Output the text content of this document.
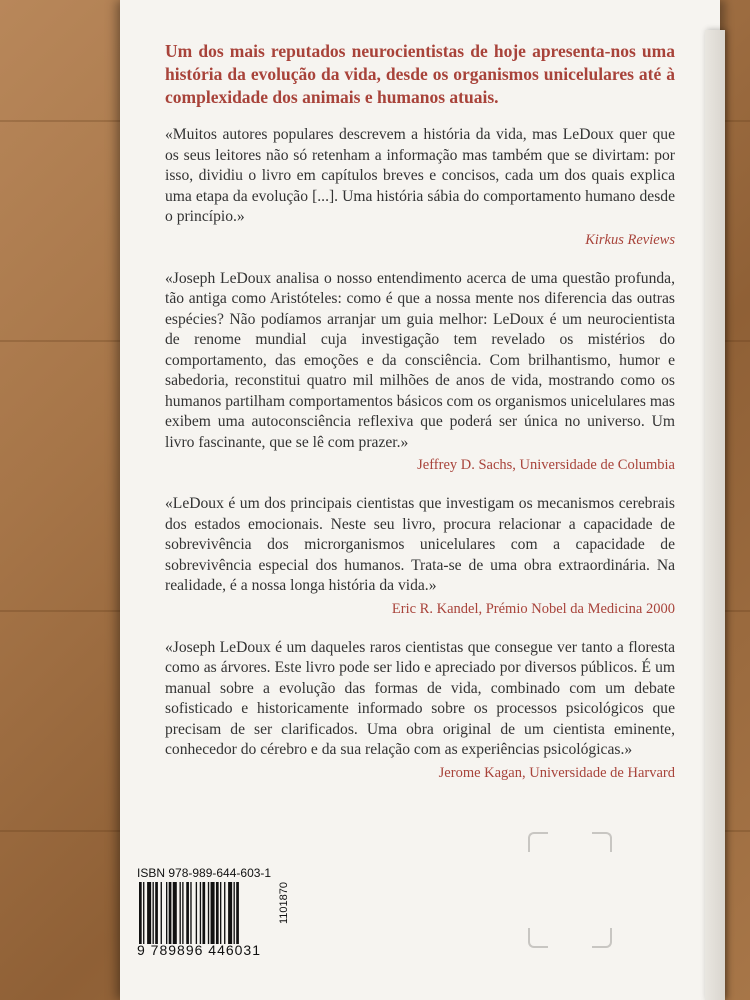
Um dos mais reputados neurocientistas de hoje apresenta-nos uma história da evolução da vida, desde os organismos unicelulares até à complexidade dos animais e humanos atuais.

«Muitos autores populares descrevem a história da vida, mas LeDoux quer que os seus leitores não só retenham a informação mas também que se divirtam: por isso, dividiu o livro em capítulos breves e concisos, cada um dos quais explica uma etapa da evolução [...]. Uma história sábia do comportamento humano desde o princípio.»

Kirkus Reviews

«Joseph LeDoux analisa o nosso entendimento acerca de uma questão profunda, tão antiga como Aristóteles: como é que a nossa mente nos diferencia das outras espécies? Não podíamos arranjar um guia melhor: LeDoux é um neurocientista de renome mundial cuja investigação tem revelado os mistérios do comportamento, das emoções e da consciência. Com brilhantismo, humor e sabedoria, reconstitui quatro mil milhões de anos de vida, mostrando como os humanos partilham comportamentos básicos com os organismos unicelulares mas exibem uma autoconsciência reflexiva que poderá ser única no universo. Um livro fascinante, que se lê com prazer.»

Jeffrey D. Sachs, Universidade de Columbia

«LeDoux é um dos principais cientistas que investigam os mecanismos cerebrais dos estados emocionais. Neste seu livro, procura relacionar a capacidade de sobrevivência dos microrganismos unicelulares com a capacidade de sobrevivência especial dos humanos. Trata-se de uma obra extraordinária. Na realidade, é a nossa longa história da vida.»

Eric R. Kandel, Prémio Nobel da Medicina 2000

«Joseph LeDoux é um daqueles raros cientistas que consegue ver tanto a floresta como as árvores. Este livro pode ser lido e apreciado por diversos públicos. É um manual sobre a evolução das formas de vida, combinado com um debate sofisticado e historicamente informado sobre os processos psicológicos que precisam de ser clarificados. Uma obra original de um cientista eminente, conhecedor do cérebro e da sua relação com as experiências psicológicas.»

Jerome Kagan, Universidade de Harvard

ISBN 978-989-644-603-1

9 789896 446031
1101870
